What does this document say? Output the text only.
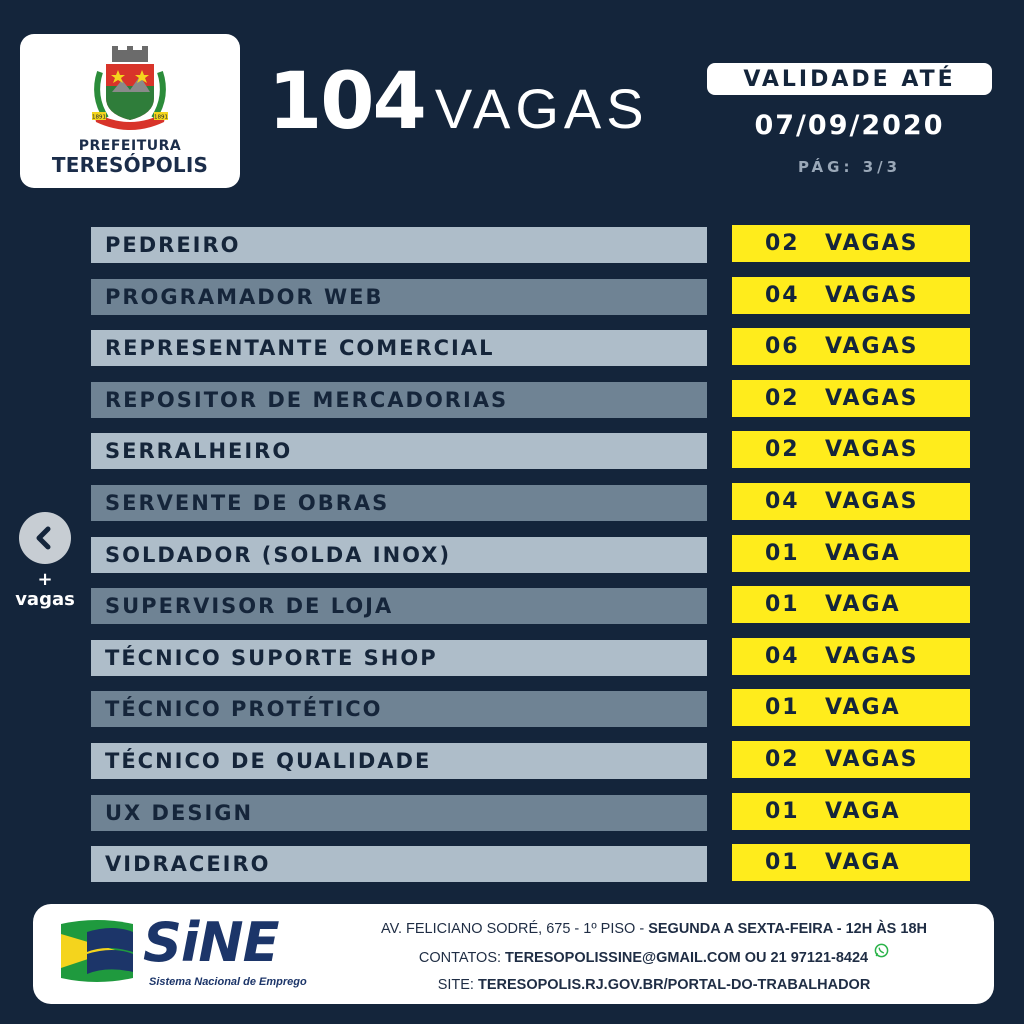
1891	1891
PREFEITURA
TERESÓPOLIS
104 VAGAS	VALIDADE ATÉ
07/09/2020
PÁG: 3/3
PEDREIRO	02	VAGAS
PROGRAMADOR WEB	04	VAGAS
REPRESENTANTE COMERCIAL	06	VAGAS
REPOSITOR DE MERCADORIAS	02	VAGAS
SERRALHEIRO	02	VAGAS
SERVENTE DE OBRAS	04	VAGAS
SOLDADOR (SOLDA INOX)	01	VAGA
SUPERVISOR DE LOJA	01	VAGA
TÉCNICO SUPORTE SHOP	04	VAGAS
TÉCNICO PROTÉTICO	01	VAGA
TÉCNICO DE QUALIDADE	02	VAGAS
UX DESIGN	01	VAGA
VIDRACEIRO	01	VAGA
+
vagas
SiNE
Sistema Nacional de Emprego
AV. FELICIANO SODRÉ, 675 - 1º PISO - SEGUNDA A SEXTA-FEIRA - 12H ÀS 18H
CONTATOS: TERESOPOLISSINE@GMAIL.COM OU 21 97121-8424
SITE: TERESOPOLIS.RJ.GOV.BR/PORTAL-DO-TRABALHADOR
